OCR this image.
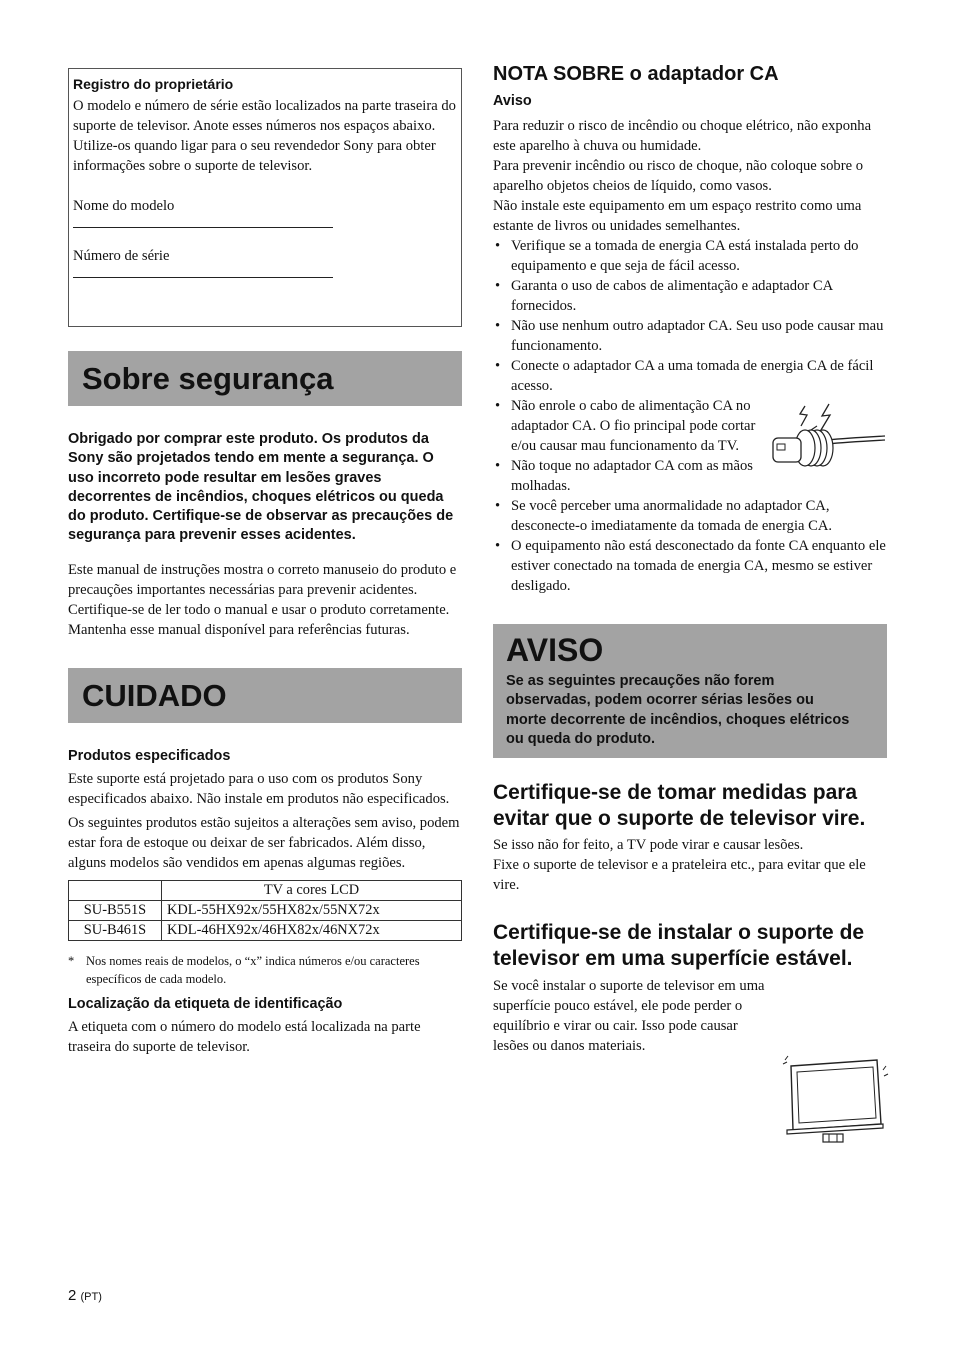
Registro do proprietário

O modelo e número de série estão localizados na parte traseira do suporte de televisor. Anote esses números nos espaços abaixo.

Utilize-os quando ligar para o seu revendedor Sony para obter informações sobre o suporte de televisor.

Nome do modelo

Número de série

Sobre segurança
Obrigado por comprar este produto. Os produtos da Sony são projetados tendo em mente a segurança. O uso incorreto pode resultar em lesões graves decorrentes de incêndios, choques elétricos ou queda do produto. Certifique-se de observar as precauções de segurança para prevenir esses acidentes.

Este manual de instruções mostra o correto manuseio do produto e precauções importantes necessárias para prevenir acidentes. Certifique-se de ler todo o manual e usar o produto corretamente. Mantenha esse manual disponível para referências futuras.

CUIDADO
Produtos especificados

Este suporte está projetado para o uso com os produtos Sony especificados abaixo. Não instale em produtos não especificados.

Os seguintes produtos estão sujeitos a alterações sem aviso, podem estar fora de estoque ou deixar de ser fabricados. Além disso, alguns modelos são vendidos em apenas algumas regiões.

	TV a cores LCD
SU-B551S	KDL-55HX92x/55HX82x/55NX72x
SU-B461S	KDL-46HX92x/46HX82x/46NX72x
* Nos nomes reais de modelos, o “x” indica números e/ou caracteres específicos de cada modelo.
Localização da etiqueta de identificação

A etiqueta com o número do modelo está localizada na parte traseira do suporte de televisor.

NOTA SOBRE o adaptador CA
Aviso

Para reduzir o risco de incêndio ou choque elétrico, não exponha este aparelho à chuva ou humidade.

Para prevenir incêndio ou risco de choque, não coloque sobre o aparelho objetos cheios de líquido, como vasos.

Não instale este equipamento em um espaço restrito como uma estante de livros ou unidades semelhantes.

• Verifique se a tomada de energia CA está instalada perto do equipamento e que seja de fácil acesso.
• Garanta o uso de cabos de alimentação e adaptador CA fornecidos.
• Não use nenhum outro adaptador CA. Seu uso pode causar mau funcionamento.
• Conecte o adaptador CA a uma tomada de energia CA de fácil acesso.
• Não enrole o cabo de alimentação CA no adaptador CA. O fio principal pode cortar e/ou causar mau funcionamento da TV.
• Não toque no adaptador CA com as mãos molhadas.
• Se você perceber uma anormalidade no adaptador CA, desconecte-o imediatamente da tomada de energia CA.
• O equipamento não está desconectado da fonte CA enquanto ele estiver conectado na tomada de energia CA, mesmo se estiver desligado.
AVISO
Se as seguintes precauções não forem observadas, podem ocorrer sérias lesões ou morte decorrente de incêndios, choques elétricos ou queda do produto.
Certifique-se de tomar medidas para evitar que o suporte de televisor vire.

Se isso não for feito, a TV pode virar e causar lesões.

Fixe o suporte de televisor e a prateleira etc., para evitar que ele vire.

Certifique-se de instalar o suporte de televisor em uma superfície estável.

Se você instalar o suporte de televisor em uma superfície pouco estável, ele pode perder o equilíbrio e virar ou cair. Isso pode causar lesões ou danos materiais.

2 (PT)
